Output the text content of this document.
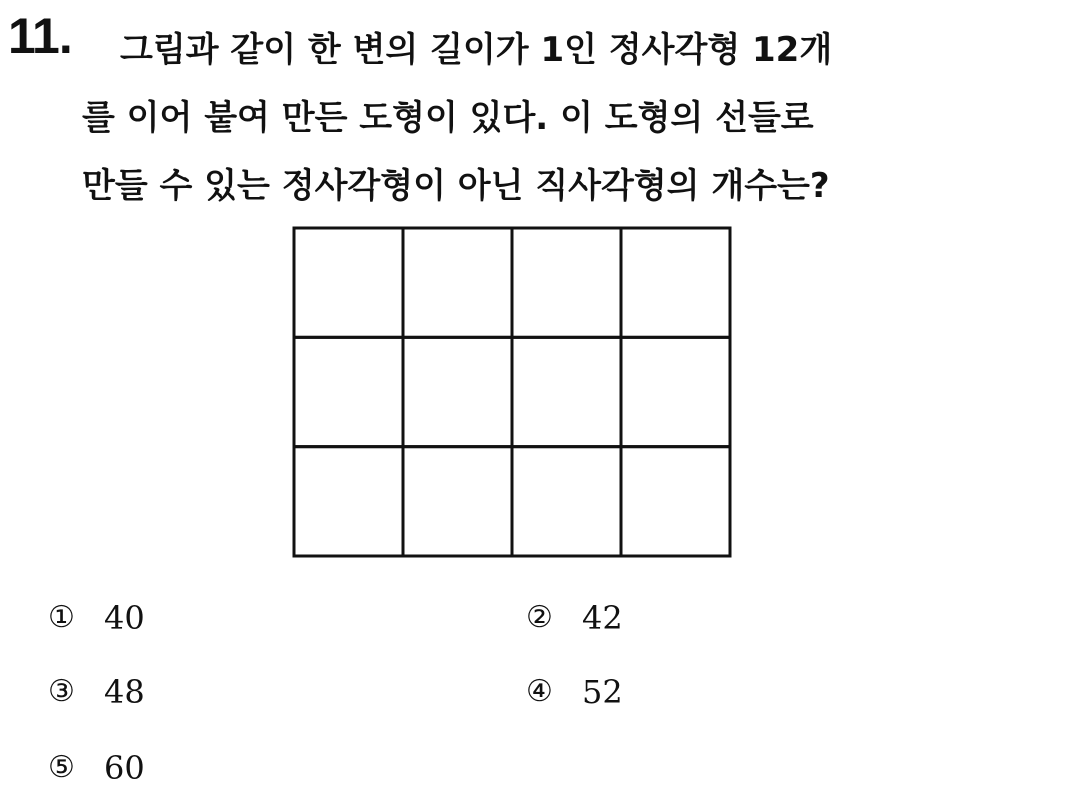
11.	그림과 같이 한 변의 길이가 1인 정사각형 12개
를 이어 붙여 만든 도형이 있다. 이 도형의 선들로
만들 수 있는 정사각형이 아닌 직사각형의 개수는?

① 40	② 42
③ 48	④ 52
⑤ 60
